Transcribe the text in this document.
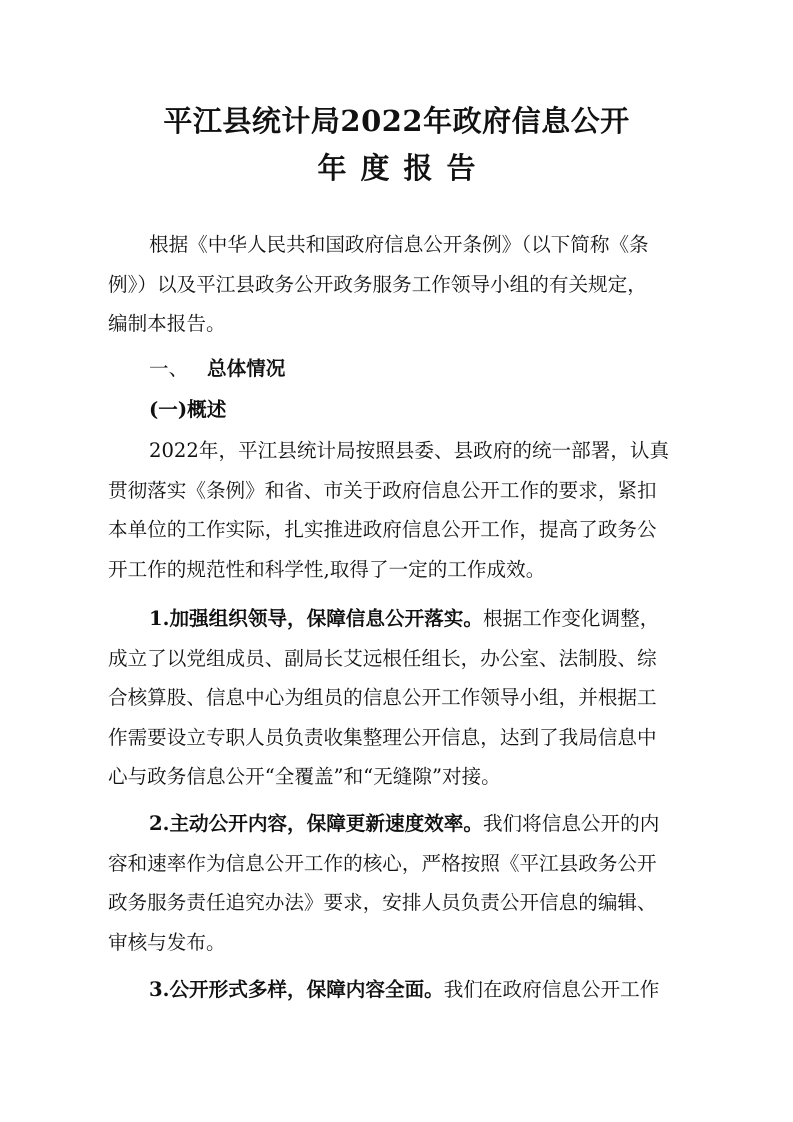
平江县统计局2022年政府信息公开
年度报告
根据《中华人民共和国政府信息公开条例》（以下简称《条
例》）以及平江县政务公开政务服务工作领导小组的有关规定，
编制本报告。
一、 总体情况
(一)概述
2022年，平江县统计局按照县委、县政府的统一部署，认真
贯彻落实《条例》和省、市关于政府信息公开工作的要求，紧扣
本单位的工作实际，扎实推进政府信息公开工作，提高了政务公
开工作的规范性和科学性,取得了一定的工作成效。
1.加强组织领导，保障信息公开落实。根据工作变化调整，
成立了以党组成员、副局长艾远根任组长，办公室、法制股、综
合核算股、信息中心为组员的信息公开工作领导小组，并根据工
作需要设立专职人员负责收集整理公开信息，达到了我局信息中
心与政务信息公开“全覆盖”和“无缝隙”对接。
2.主动公开内容，保障更新速度效率。我们将信息公开的内
容和速率作为信息公开工作的核心，严格按照《平江县政务公开
政务服务责任追究办法》要求，安排人员负责公开信息的编辑、
审核与发布。
3.公开形式多样，保障内容全面。我们在政府信息公开工作
